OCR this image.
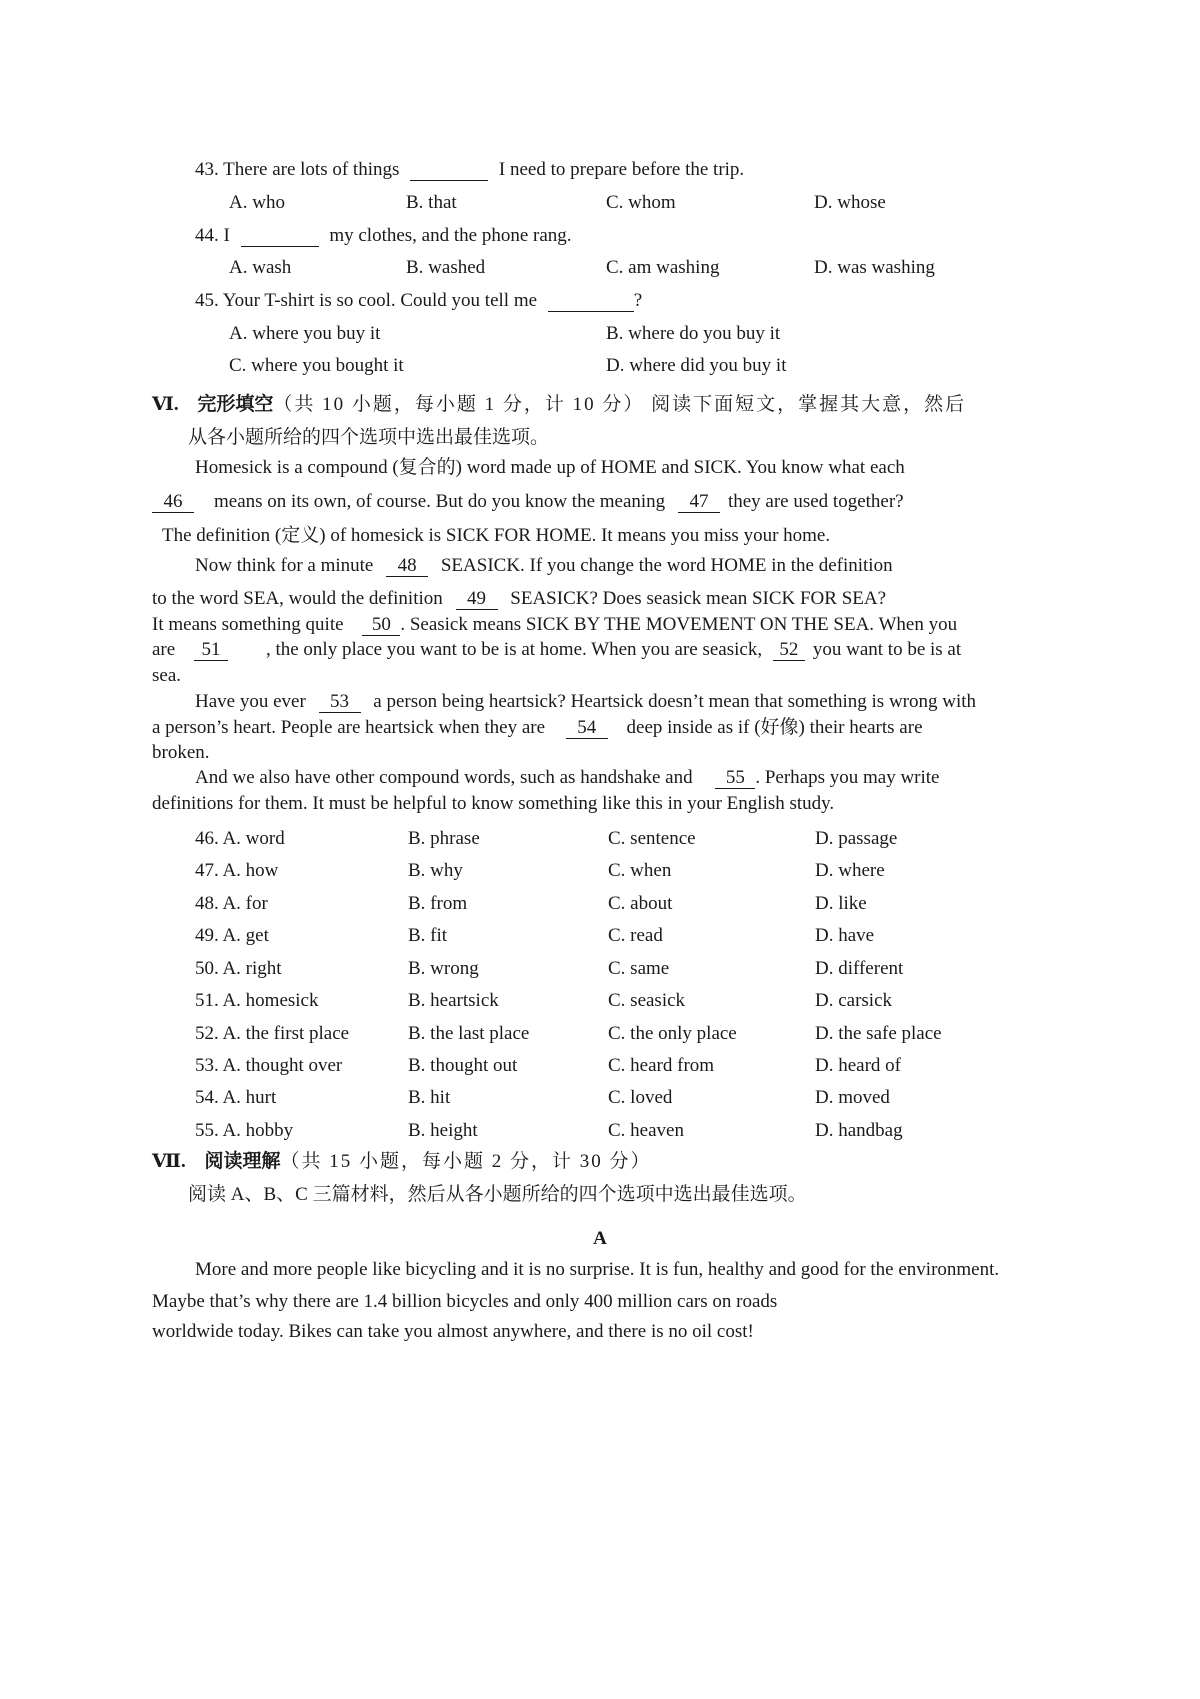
43. There are lots of things	I need to prepare before the trip.
A. who	B. that	C. whom	D. whose
44. I	my clothes, and the phone rang.
A. wash	B. washed	C. am washing	D. was washing
45. Your T-shirt is so cool. Could you tell me	?
A. where you buy it	B. where do you buy it
C. where you bought it	D. where did you buy it
Ⅵ. 完形填空（共 10 小题，每小题 1 分，计 10 分） 阅读下面短文，掌握其大意，然后
从各小题所给的四个选项中选出最佳选项。
Homesick is a compound (复合的) word made up of HOME and SICK. You know what each
46 means on its own, of course. But do you know the meaning 47 they are used together?
The definition (定义) of homesick is SICK FOR HOME. It means you miss your home.
Now think for a minute 48 SEASICK. If you change the word HOME in the definition
to the word SEA, would the definition 49 SEASICK? Does seasick mean SICK FOR SEA?
It means something quite 50 . Seasick means SICK BY THE MOVEMENT ON THE SEA. When you
are 51 , the only place you want to be is at home. When you are seasick, 52 you want to be is at
sea.
Have you ever 53 a person being heartsick? Heartsick doesn’t mean that something is wrong with
a person’s heart. People are heartsick when they are 54 deep inside as if (好像) their hearts are
broken.
And we also have other compound words, such as handshake and 55 . Perhaps you may write
definitions for them. It must be helpful to know something like this in your English study.
46. A. word	B. phrase	C. sentence	D. passage
47. A. how	B. why	C. when	D. where
48. A. for	B. from	C. about	D. like
49. A. get	B. fit	C. read	D. have
50. A. right	B. wrong	C. same	D. different
51. A. homesick	B. heartsick	C. seasick	D. carsick
52. A. the first place	B. the last place	C. the only place	D. the safe place
53. A. thought over	B. thought out	C. heard from	D. heard of
54. A. hurt	B. hit	C. loved	D. moved
55. A. hobby	B. height	C. heaven	D. handbag
Ⅶ. 阅读理解（共 15 小题，每小题 2 分，计 30 分）
阅读 A、B、C 三篇材料，然后从各小题所给的四个选项中选出最佳选项。
A
More and more people like bicycling and it is no surprise. It is fun, healthy and good for the environment.
Maybe that’s why there are 1.4 billion bicycles and only 400 million cars on roads
worldwide today. Bikes can take you almost anywhere, and there is no oil cost!
